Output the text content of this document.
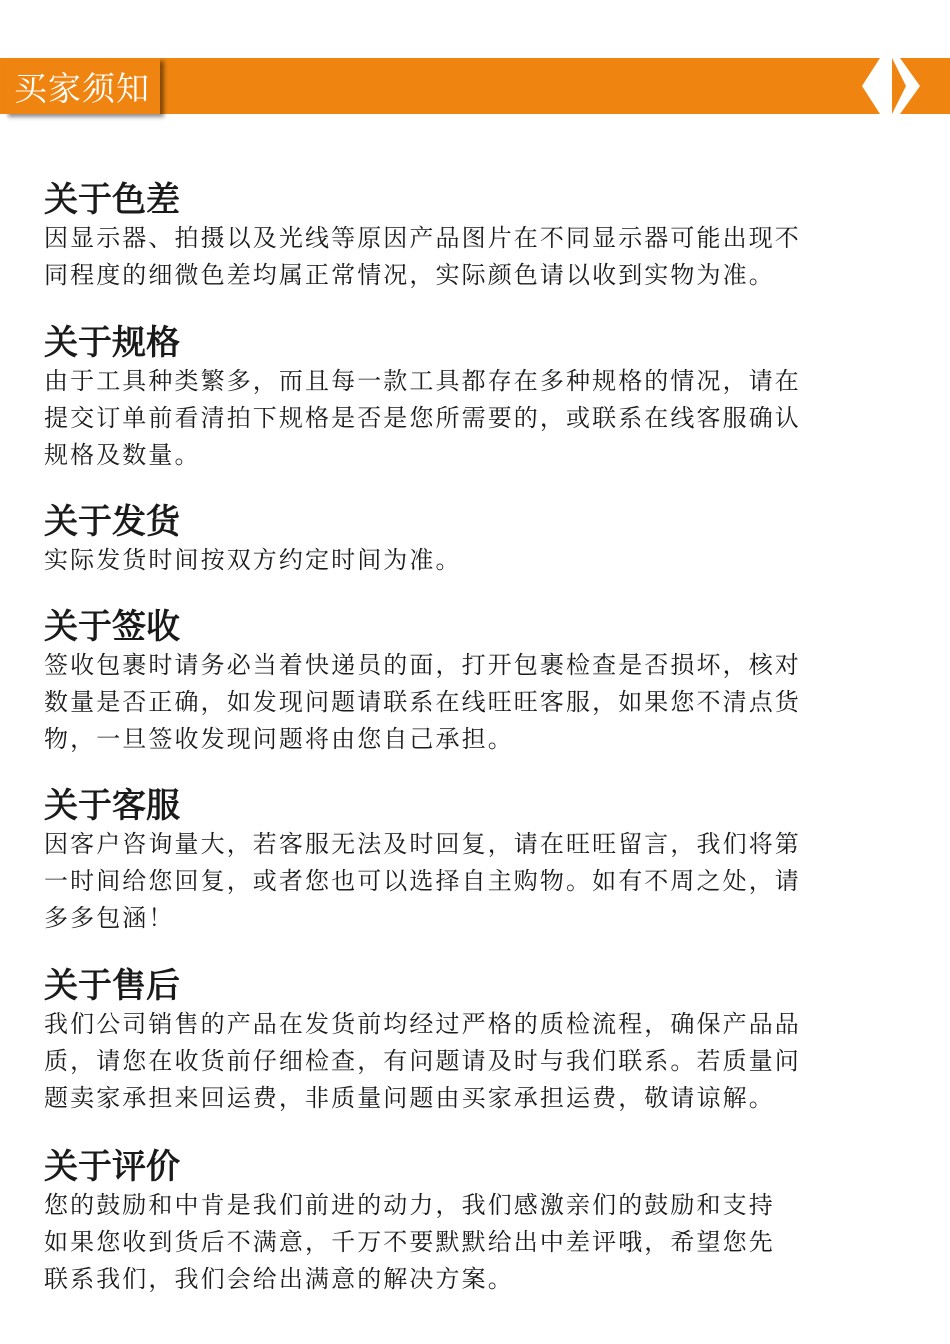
买家须知
关于色差

因显示器、拍摄以及光线等原因产品图片在不同显示器可能出现不
同程度的细微色差均属正常情况，实际颜色请以收到实物为准。

关于规格

由于工具种类繁多，而且每一款工具都存在多种规格的情况，请在
提交订单前看清拍下规格是否是您所需要的，或联系在线客服确认
规格及数量。

关于发货

实际发货时间按双方约定时间为准。

关于签收

签收包裹时请务必当着快递员的面，打开包裹检查是否损坏，核对
数量是否正确，如发现问题请联系在线旺旺客服，如果您不清点货
物，一旦签收发现问题将由您自己承担。

关于客服

因客户咨询量大，若客服无法及时回复，请在旺旺留言，我们将第
一时间给您回复，或者您也可以选择自主购物。如有不周之处，请
多多包涵！

关于售后

我们公司销售的产品在发货前均经过严格的质检流程，确保产品品
质，请您在收货前仔细检查，有问题请及时与我们联系。若质量问
题卖家承担来回运费，非质量问题由买家承担运费，敬请谅解。

关于评价

您的鼓励和中肯是我们前进的动力，我们感激亲们的鼓励和支持
如果您收到货后不满意，千万不要默默给出中差评哦，希望您先
联系我们，我们会给出满意的解决方案。
